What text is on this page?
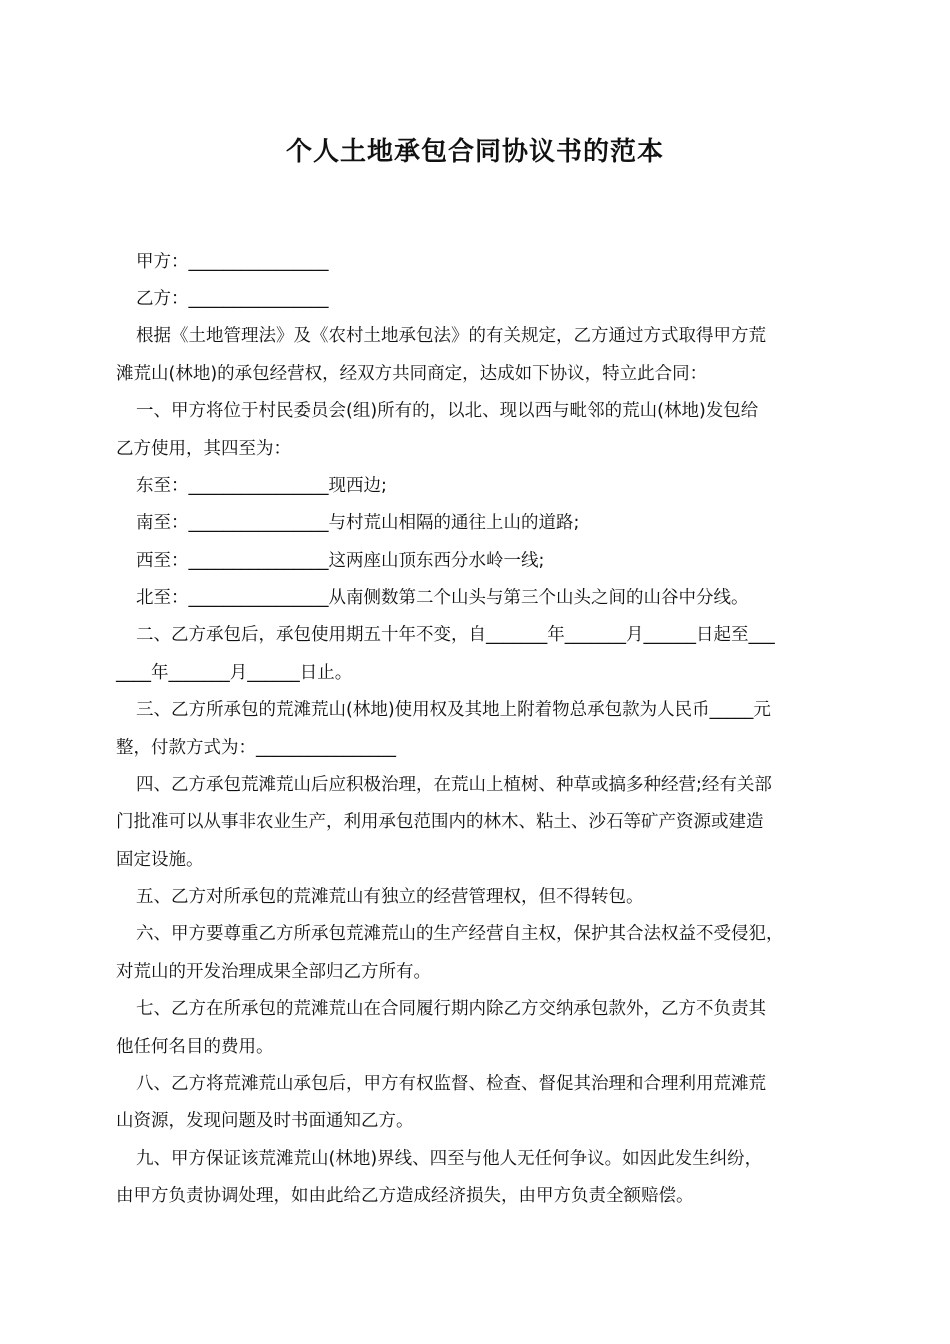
个人土地承包合同协议书的范本
甲方：________________
乙方：________________
根据《土地管理法》及《农村土地承包法》的有关规定，乙方通过方式取得甲方荒
滩荒山(林地)的承包经营权，经双方共同商定，达成如下协议，特立此合同：
一、甲方将位于村民委员会(组)所有的，以北、现以西与毗邻的荒山(林地)发包给
乙方使用，其四至为：
东至：________________现西边;
南至：________________与村荒山相隔的通往上山的道路;
西至：________________这两座山顶东西分水岭一线;
北至：________________从南侧数第二个山头与第三个山头之间的山谷中分线。
二、乙方承包后，承包使用期五十年不变，自_______年_______月______日起至___
____年_______月______日止。
三、乙方所承包的荒滩荒山(林地)使用权及其地上附着物总承包款为人民币_____元
整，付款方式为：________________
四、乙方承包荒滩荒山后应积极治理，在荒山上植树、种草或搞多种经营;经有关部
门批准可以从事非农业生产，利用承包范围内的林木、粘土、沙石等矿产资源或建造
固定设施。
五、乙方对所承包的荒滩荒山有独立的经营管理权，但不得转包。
六、甲方要尊重乙方所承包荒滩荒山的生产经营自主权，保护其合法权益不受侵犯，
对荒山的开发治理成果全部归乙方所有。
七、乙方在所承包的荒滩荒山在合同履行期内除乙方交纳承包款外，乙方不负责其
他任何名目的费用。
八、乙方将荒滩荒山承包后，甲方有权监督、检查、督促其治理和合理利用荒滩荒
山资源，发现问题及时书面通知乙方。
九、甲方保证该荒滩荒山(林地)界线、四至与他人无任何争议。如因此发生纠纷，
由甲方负责协调处理，如由此给乙方造成经济损失，由甲方负责全额赔偿。
